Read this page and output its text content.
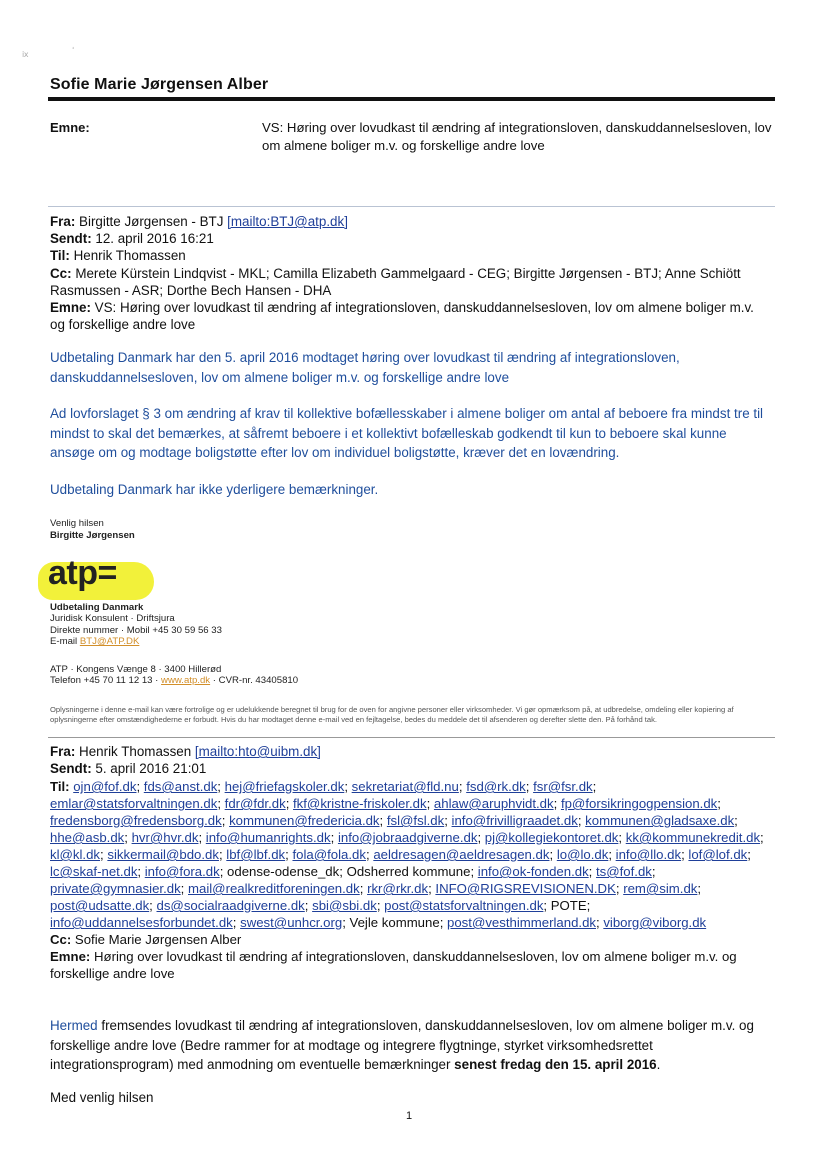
ⅸ
¸
Sofie Marie Jørgensen Alber
Emne:	VS: Høring over lovudkast til ændring af integrationsloven, danskuddannelsesloven, lov om almene boliger m.v. og forskellige andre love
Fra: Birgitte Jørgensen - BTJ [mailto:BTJ@atp.dk]
Sendt: 12. april 2016 16:21
Til: Henrik Thomassen
Cc: Merete Kürstein Lindqvist - MKL; Camilla Elizabeth Gammelgaard - CEG; Birgitte Jørgensen - BTJ; Anne Schiött Rasmussen - ASR; Dorthe Bech Hansen - DHA
Emne: VS: Høring over lovudkast til ændring af integrationsloven, danskuddannelsesloven, lov om almene boliger m.v. og forskellige andre love
Udbetaling Danmark har den 5. april 2016 modtaget høring over lovudkast til ændring af integrationsloven, danskuddannelsesloven, lov om almene boliger m.v. og forskellige andre love
Ad lovforslaget § 3 om ændring af krav til kollektive bofællesskaber i almene boliger om antal af beboere fra mindst tre til mindst to skal det bemærkes, at såfremt beboere i et kollektivt bofælleskab godkendt til kun to beboere skal kunne ansøge om og modtage boligstøtte efter lov om individuel boligstøtte, kræver det en lovændring.
Udbetaling Danmark har ikke yderligere bemærkninger.
Venlig hilsen
Birgitte Jørgensen
atp=
Udbetaling Danmark
Juridisk Konsulent · Driftsjura
Direkte nummer · Mobil +45 30 59 56 33
E-mail BTJ@ATP.DK
ATP · Kongens Vænge 8 · 3400 Hillerød
Telefon +45 70 11 12 13 · www.atp.dk · CVR-nr. 43405810
Oplysningerne i denne e-mail kan være fortrolige og er udelukkende beregnet til brug for de oven for angivne personer eller virksomheder. Vi gør opmærksom på, at udbredelse, omdeling eller kopiering af oplysningerne efter omstændighederne er forbudt. Hvis du har modtaget denne e-mail ved en fejltagelse, bedes du meddele det til afsenderen og derefter slette den. På forhånd tak.
Fra: Henrik Thomassen [mailto:hto@uibm.dk]
Sendt: 5. april 2016 21:01
Til: ojn@fof.dk; fds@anst.dk; hej@friefagskoler.dk; sekretariat@fld.nu; fsd@rk.dk; fsr@fsr.dk; emlar@statsforvaltningen.dk; fdr@fdr.dk; fkf@kristne-friskoler.dk; ahlaw@aruphvidt.dk; fp@forsikringogpension.dk; fredensborg@fredensborg.dk; kommunen@fredericia.dk; fsl@fsl.dk; info@frivilligraadet.dk; kommunen@gladsaxe.dk; hhe@asb.dk; hvr@hvr.dk; info@humanrights.dk; info@jobraadgiverne.dk; pj@kollegiekontoret.dk; kk@kommunekredit.dk; kl@kl.dk; sikkermail@bdo.dk; lbf@lbf.dk; fola@fola.dk; aeldresagen@aeldresagen.dk; lo@lo.dk; info@llo.dk; lof@lof.dk; lc@skaf-net.dk; info@fora.dk; odense-odense_dk; Odsherred kommune; info@ok-fonden.dk; ts@fof.dk; private@gymnasier.dk; mail@realkreditforeningen.dk; rkr@rkr.dk; INFO@RIGSREVISIONEN.DK; rem@sim.dk; post@udsatte.dk; ds@socialraadgiverne.dk; sbi@sbi.dk; post@statsforvaltningen.dk; POTE; info@uddannelsesforbundet.dk; swest@unhcr.org; Vejle kommune; post@vesthimmerland.dk; viborg@viborg.dk
Cc: Sofie Marie Jørgensen Alber
Emne: Høring over lovudkast til ændring af integrationsloven, danskuddannelsesloven, lov om almene boliger m.v. og forskellige andre love
Hermed fremsendes lovudkast til ændring af integrationsloven, danskuddannelsesloven, lov om almene boliger m.v. og forskellige andre love (Bedre rammer for at modtage og integrere flygtninge, styrket virksomhedsrettet integrationsprogram) med anmodning om eventuelle bemærkninger senest fredag den 15. april 2016.
Med venlig hilsen
1
